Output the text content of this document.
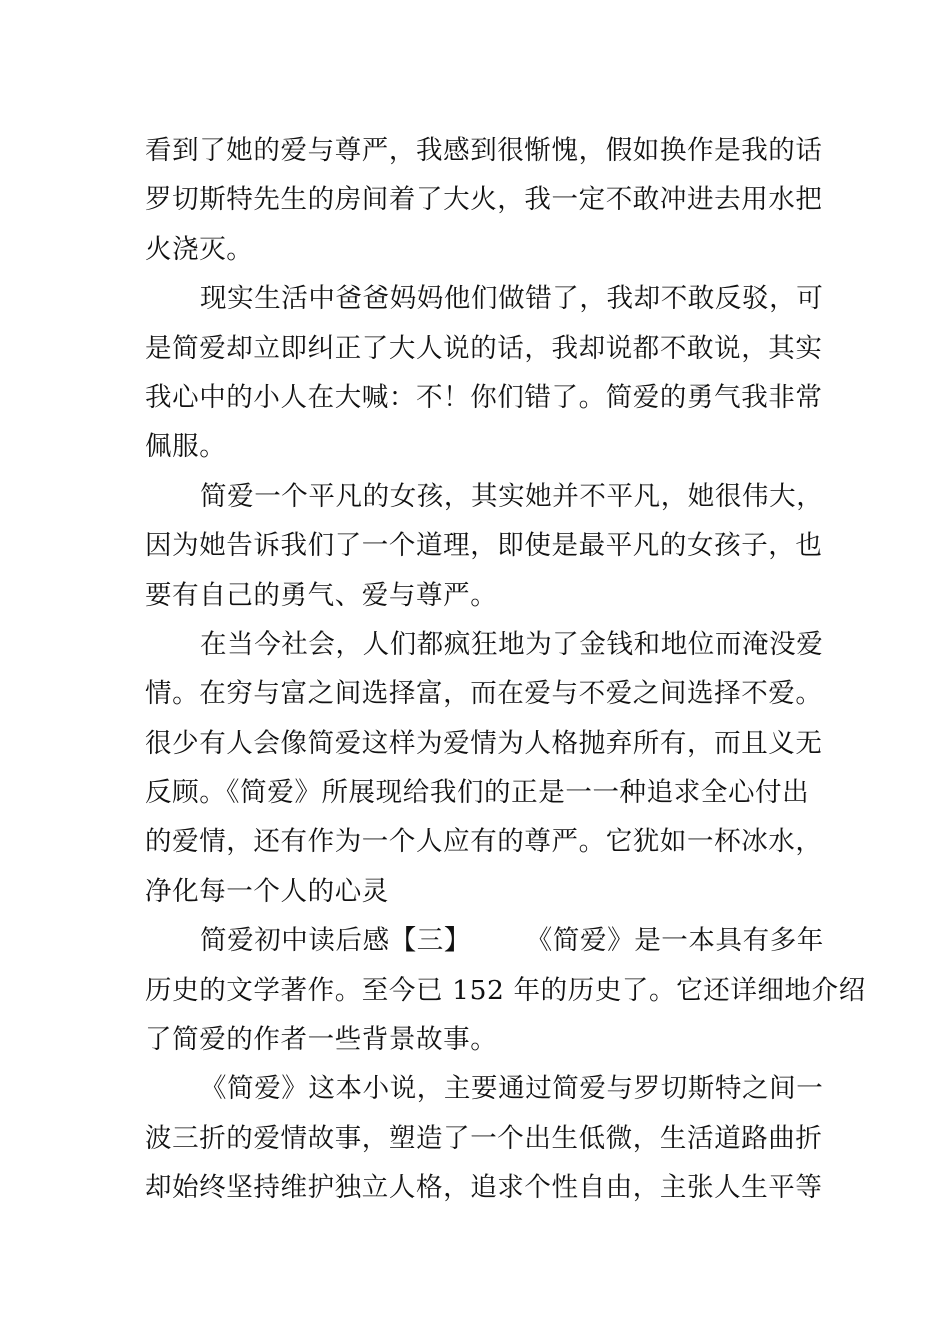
看到了她的爱与尊严，我感到很惭愧，假如换作是我的话
罗切斯特先生的房间着了大火，我一定不敢冲进去用水把
火浇灭。
现实生活中爸爸妈妈他们做错了，我却不敢反驳，可
是简爱却立即纠正了大人说的话，我却说都不敢说，其实
我心中的小人在大喊：不！你们错了。简爱的勇气我非常
佩服。
简爱一个平凡的女孩，其实她并不平凡，她很伟大，
因为她告诉我们了一个道理，即使是最平凡的女孩子，也
要有自己的勇气、爱与尊严。
在当今社会，人们都疯狂地为了金钱和地位而淹没爱
情。在穷与富之间选择富，而在爱与不爱之间选择不爱。
很少有人会像简爱这样为爱情为人格抛弃所有，而且义无
反顾。《简爱》所展现给我们的正是一一种追求全心付出
的爱情，还有作为一个人应有的尊严。它犹如一杯冰水，
净化每一个人的心灵
简爱初中读后感【三】　　　《简爱》是一本具有多年
历史的文学著作。至今已 152 年的历史了。它还详细地介绍
了简爱的作者一些背景故事。
《简爱》这本小说，主要通过简爱与罗切斯特之间一
波三折的爱情故事，塑造了一个出生低微，生活道路曲折
却始终坚持维护独立人格，追求个性自由，主张人生平等
